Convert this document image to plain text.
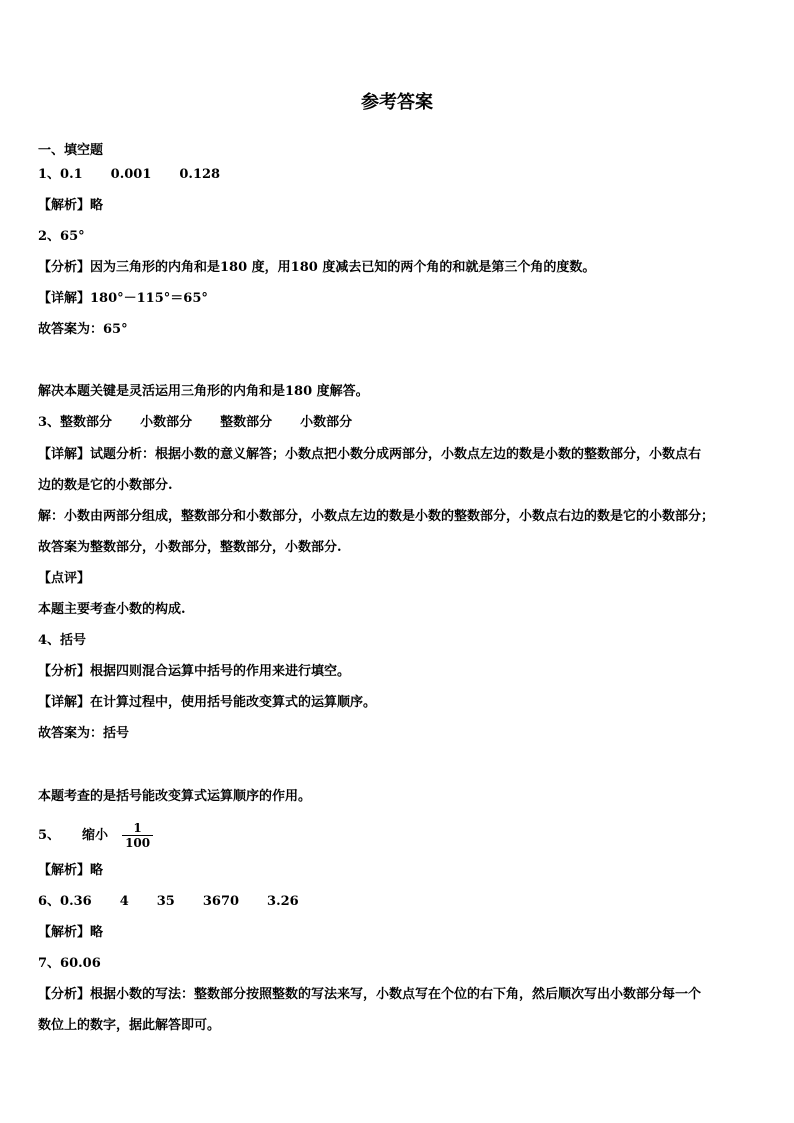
参考答案
一、填空题
1、0.1 0.001 0.128
【解析】略
2、65°
【分析】因为三角形的内角和是180 度，用180 度减去已知的两个角的和就是第三个角的度数。
【详解】180°－115°＝65°
故答案为：65°
解决本题关键是灵活运用三角形的内角和是180 度解答。
3、整数部分 小数部分 整数部分 小数部分
【详解】试题分析：根据小数的意义解答；小数点把小数分成两部分，小数点左边的数是小数的整数部分，小数点右
边的数是它的小数部分.
解：小数由两部分组成，整数部分和小数部分，小数点左边的数是小数的整数部分，小数点右边的数是它的小数部分；
故答案为整数部分，小数部分，整数部分，小数部分.
【点评】
本题主要考查小数的构成.
4、括号
【分析】根据四则混合运算中括号的作用来进行填空。
【详解】在计算过程中，使用括号能改变算式的运算顺序。
故答案为：括号
本题考查的是括号能改变算式运算顺序的作用。
5、 缩小 $\frac{1}{100}$
【解析】略
6、0.36 4 35 3670 3.26
【解析】略
7、60.06
【分析】根据小数的写法：整数部分按照整数的写法来写，小数点写在个位的右下角，然后顺次写出小数部分每一个
数位上的数字，据此解答即可。
